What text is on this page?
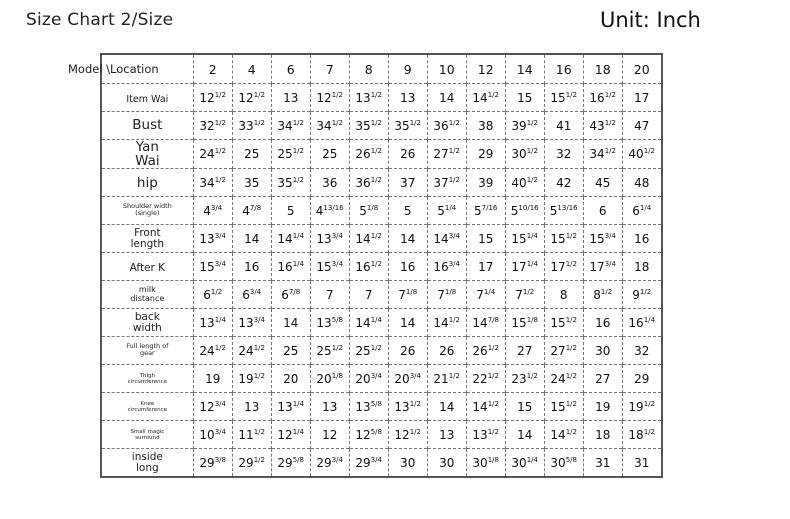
Size Chart 2/Size	Unit: Inch
Model \Location	2	4	6	7	8	9	10	12	14	16	18	20
Item Wai	$12^{1/2}$	$12^{1/2}$	13	$12^{1/2}$	$13^{1/2}$	13	14	$14^{1/2}$	15	$15^{1/2}$	$16^{1/2}$	17
Bust	$32^{1/2}$	$33^{1/2}$	$34^{1/2}$	$34^{1/2}$	$35^{1/2}$	$35^{1/2}$	$36^{1/2}$	38	$39^{1/2}$	41	$43^{1/2}$	47
Yan Wai	$24^{1/2}$	25	$25^{1/2}$	25	$26^{1/2}$	26	$27^{1/2}$	29	$30^{1/2}$	32	$34^{1/2}$	$40^{1/2}$
hip	$34^{1/2}$	35	$35^{1/2}$	36	$36^{1/2}$	37	$37^{1/2}$	39	$40^{1/2}$	42	45	48
Shoulder width (single)	$4^{3/4}$	$4^{7/8}$	5	$4^{13/16}$	$5^{1/8}$	5	$5^{1/4}$	$5^{7/16}$	$5^{10/16}$	$5^{13/16}$	6	$6^{1/4}$
Front length	$13^{3/4}$	14	$14^{1/4}$	$13^{3/4}$	$14^{1/2}$	14	$14^{3/4}$	15	$15^{1/4}$	$15^{1/2}$	$15^{3/4}$	16
After K	$15^{3/4}$	16	$16^{1/4}$	$15^{3/4}$	$16^{1/2}$	16	$16^{3/4}$	17	$17^{1/4}$	$17^{1/2}$	$17^{3/4}$	18
milk distance	$6^{1/2}$	$6^{3/4}$	$6^{7/8}$	7	7	$7^{1/8}$	$7^{1/8}$	$7^{1/4}$	$7^{1/2}$	8	$8^{1/2}$	$9^{1/2}$
back width	$13^{1/4}$	$13^{3/4}$	14	$13^{5/8}$	$14^{1/4}$	14	$14^{1/2}$	$14^{7/8}$	$15^{1/8}$	$15^{1/2}$	16	$16^{1/4}$
Full length of gear	$24^{1/2}$	$24^{1/2}$	25	$25^{1/2}$	$25^{1/2}$	26	26	$26^{1/2}$	27	$27^{1/2}$	30	32
Thigh circumference	19	$19^{1/2}$	20	$20^{1/8}$	$20^{3/4}$	$20^{3/4}$	$21^{1/2}$	$22^{1/2}$	$23^{1/2}$	$24^{1/2}$	27	29
Knee circumference	$12^{3/4}$	13	$13^{1/4}$	13	$13^{5/8}$	$13^{1/2}$	14	$14^{1/2}$	15	$15^{1/2}$	19	$19^{1/2}$
Small magic surround	$10^{3/4}$	$11^{1/2}$	$12^{1/4}$	12	$12^{5/8}$	$12^{1/2}$	13	$13^{1/2}$	14	$14^{1/2}$	18	$18^{1/2}$
inside long	$29^{3/8}$	$29^{1/2}$	$29^{5/8}$	$29^{3/4}$	$29^{3/4}$	30	30	$30^{1/8}$	$30^{1/4}$	$30^{5/8}$	31	31
